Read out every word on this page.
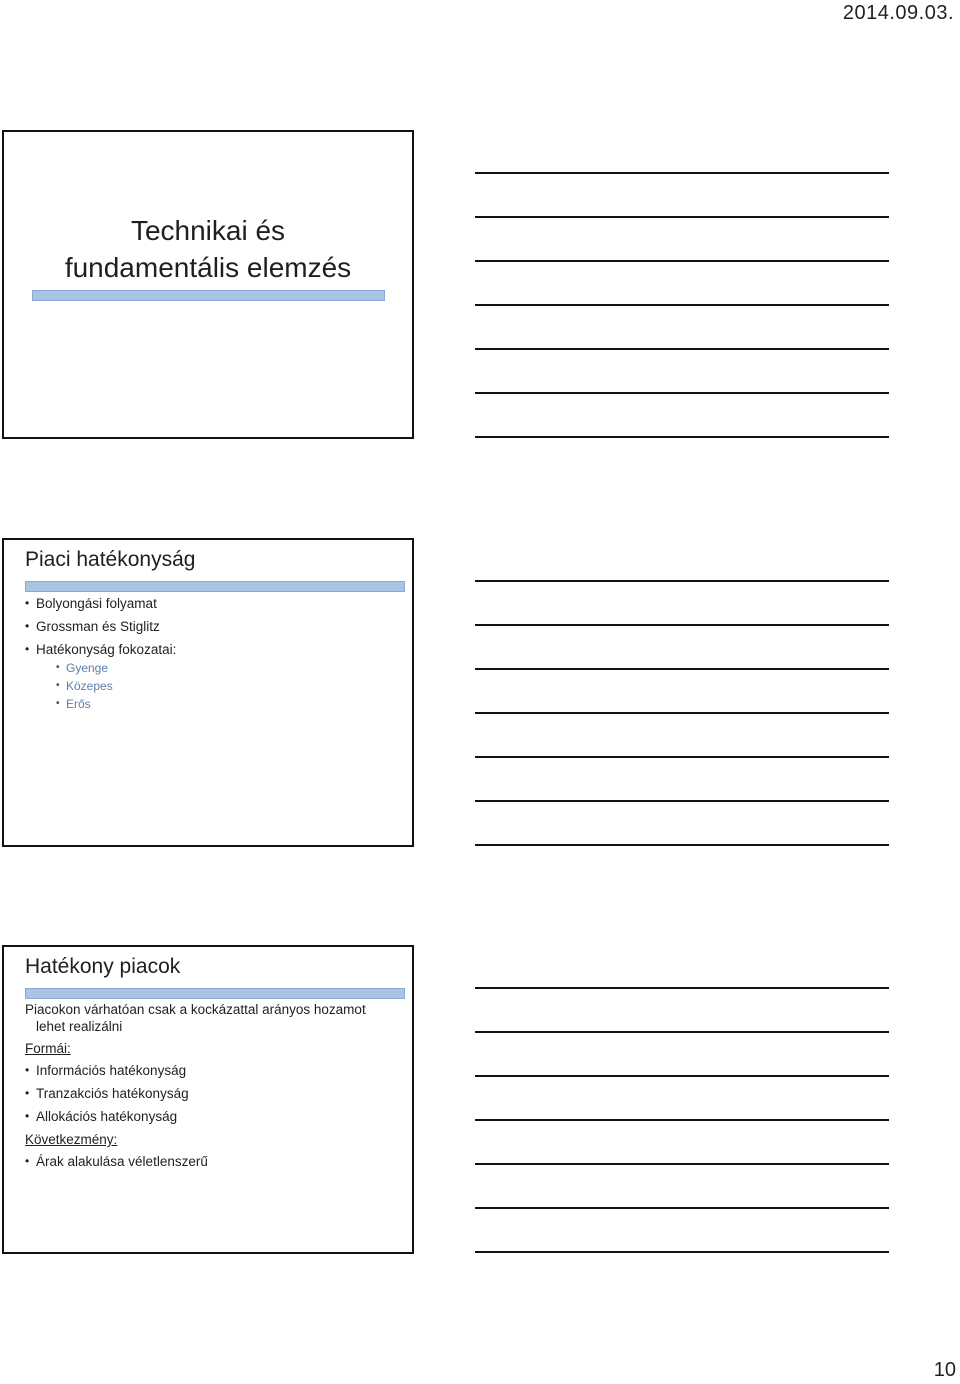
2014.09.03.
Technikai és
fundamentális elemzés
Piaci hatékonyság
• Bolyongási folyamat
• Grossman és Stiglitz
• Hatékonyság fokozatai:
• Gyenge
• Közepes
• Erős
Hatékony piacok

Piacokon várhatóan csak a kockázattal arányos hozamot
lehet realizálni

Formái:

• Információs hatékonyság
• Tranzakciós hatékonyság
• Allokációs hatékonyság

Következmény:

• Árak alakulása véletlenszerű
10
